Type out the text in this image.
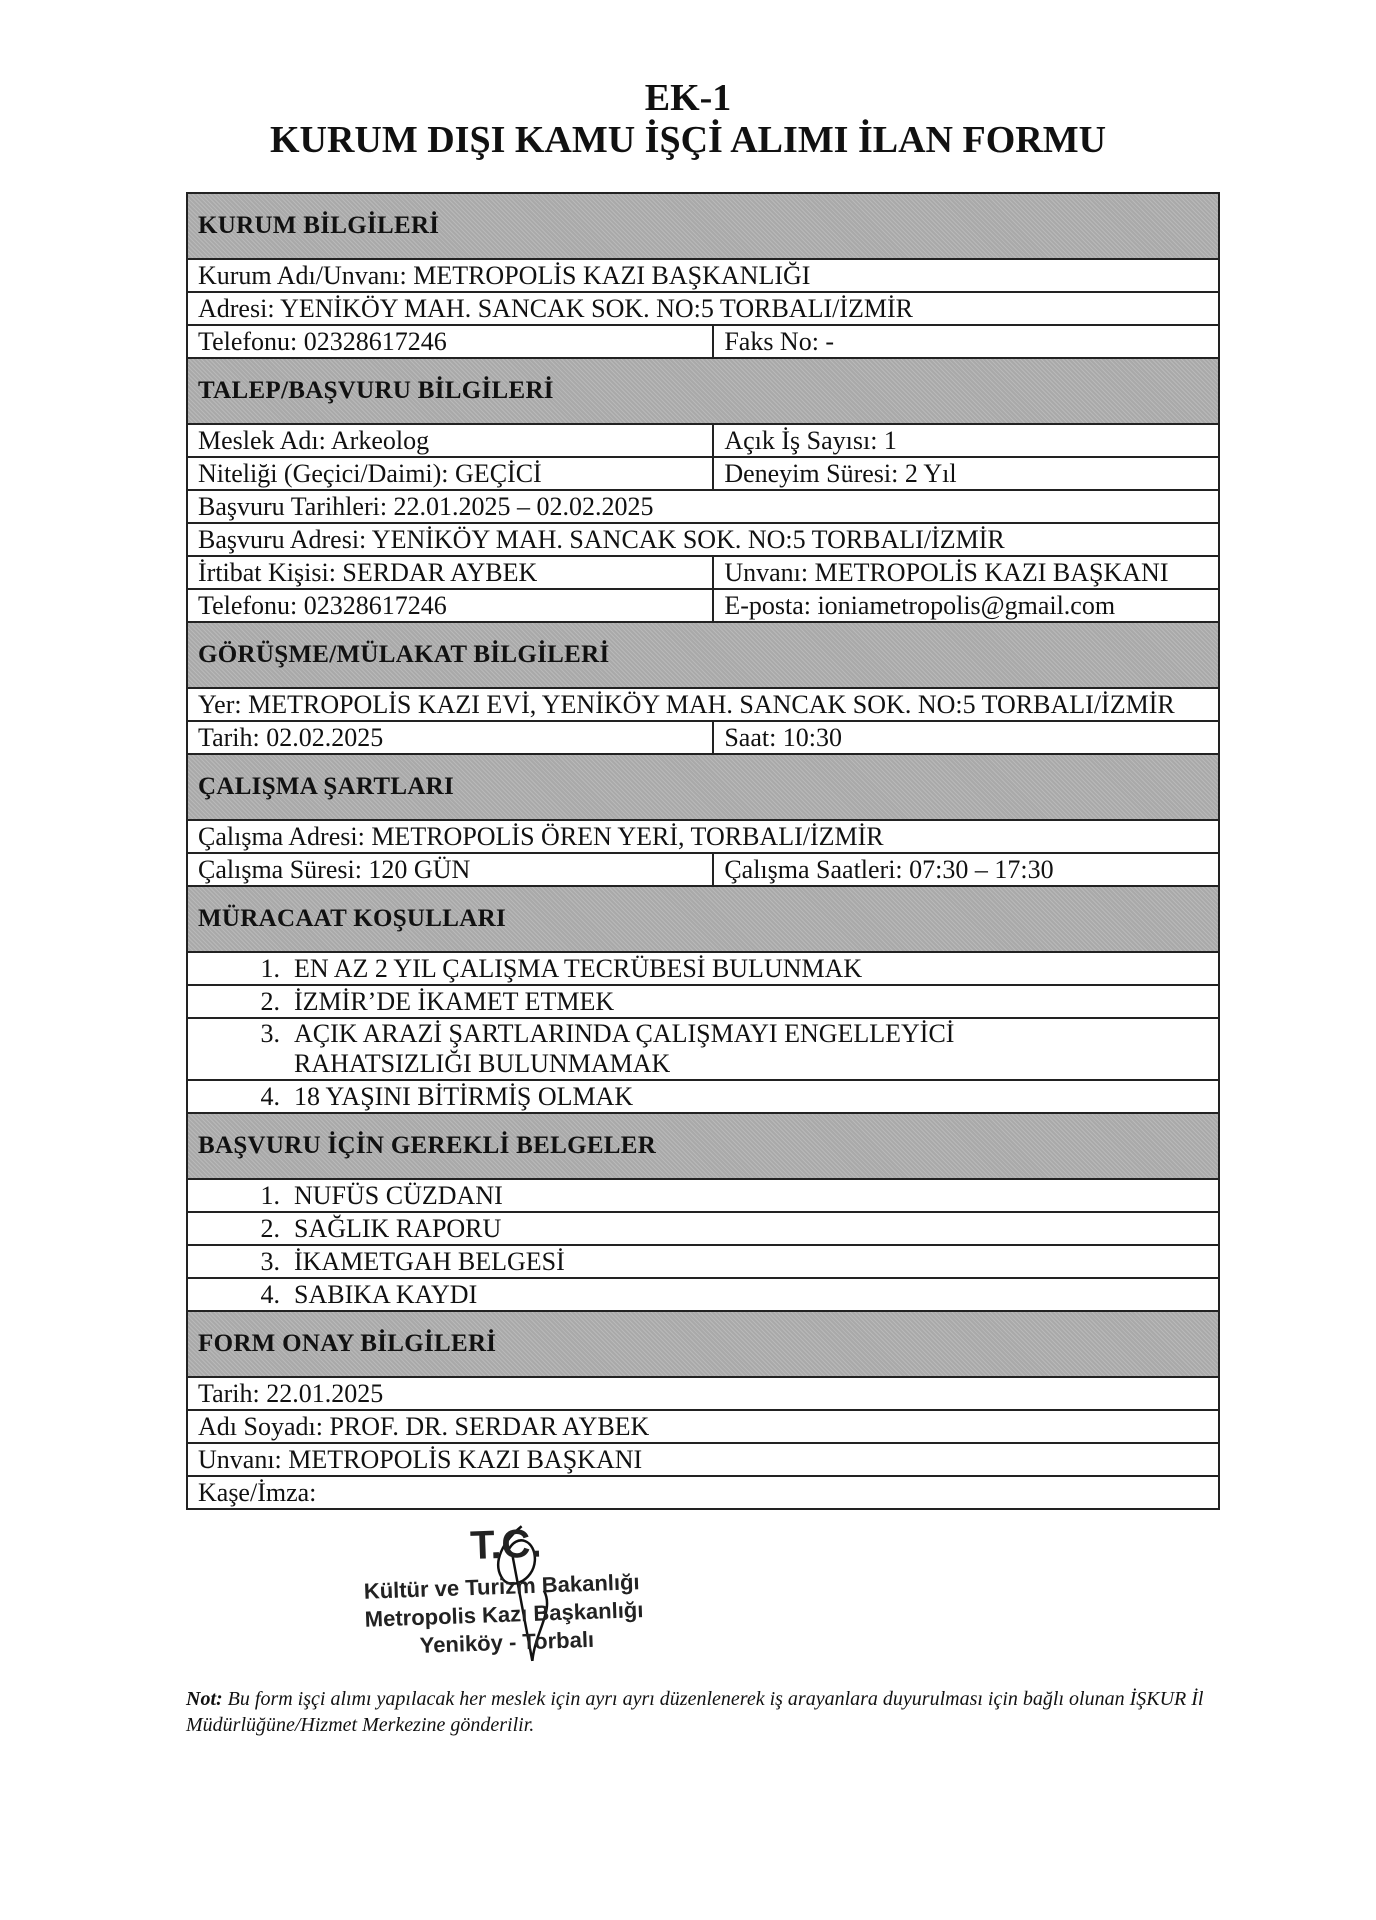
EK-1
KURUM DIŞI KAMU İŞÇİ ALIMI İLAN FORMU
KURUM BİLGİLERİ	
Kurum Adı/Unvanı: METROPOLİS KAZI BAŞKANLIĞI	
Adresi: YENİKÖY MAH. SANCAK SOK. NO:5 TORBALI/İZMİR	
Telefonu: 02328617246	Faks No: -
TALEP/BAŞVURU BİLGİLERİ	
Meslek Adı: Arkeolog	Açık İş Sayısı: 1
Niteliği (Geçici/Daimi): GEÇİCİ	Deneyim Süresi: 2 Yıl
Başvuru Tarihleri: 22.01.2025 – 02.02.2025	
Başvuru Adresi: YENİKÖY MAH. SANCAK SOK. NO:5 TORBALI/İZMİR	
İrtibat Kişisi: SERDAR AYBEK	Unvanı: METROPOLİS KAZI BAŞKANI
Telefonu: 02328617246	E-posta: ioniametropolis@gmail.com
GÖRÜŞME/MÜLAKAT BİLGİLERİ	
Yer: METROPOLİS KAZI EVİ, YENİKÖY MAH. SANCAK SOK. NO:5 TORBALI/İZMİR	
Tarih: 02.02.2025	Saat: 10:30
ÇALIŞMA ŞARTLARI	
Çalışma Adresi: METROPOLİS ÖREN YERİ, TORBALI/İZMİR	
Çalışma Süresi: 120 GÜN	Çalışma Saatleri: 07:30 – 17:30
MÜRACAAT KOŞULLARI	
1. EN AZ 2 YIL ÇALIŞMA TECRÜBESİ BULUNMAK	
2. İZMİR’DE İKAMET ETMEK	
3. AÇIK ARAZİ ŞARTLARINDA ÇALIŞMAYI ENGELLEYİCİ RAHATSIZLIĞI BULUNMAMAK	
4. 18 YAŞINI BİTİRMİŞ OLMAK	
BAŞVURU İÇİN GEREKLİ BELGELER	
1. NUFÜS CÜZDANI	
2. SAĞLIK RAPORU	
3. İKAMETGAH BELGESİ	
4. SABIKA KAYDI	
FORM ONAY BİLGİLERİ	
Tarih: 22.01.2025	
Adı Soyadı: PROF. DR. SERDAR AYBEK	
Unvanı: METROPOLİS KAZI BAŞKANI	
Kaşe/İmza:
T.C.
Kültür ve Turizm Bakanlığı
Metropolis Kazı Başkanlığı
Yeniköy - Torbalı	
Not: Bu form işçi alımı yapılacak her meslek için ayrı ayrı düzenlenerek iş arayanlara duyurulması için bağlı olunan İŞKUR İl Müdürlüğüne/Hizmet Merkezine gönderilir.
